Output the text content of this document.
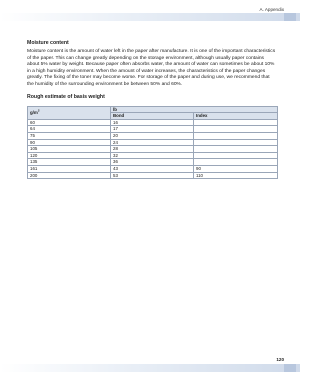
A. Appendix
Moisture content

Moisture content is the amount of water left in the paper after manufacture. It is one of the important characteristics of the paper. This can change greatly depending on the storage environment, although usually paper contains about 5% water by weight. Because paper often absorbs water, the amount of water can sometimes be about 10% in a high humidity environment. When the amount of water increases, the characteristics of the paper changes greatly. The fixing of the toner may become worse. For storage of the paper and during use, we recommend that the humidity of the surrounding environment be between 50% and 60%.

Rough estimate of basis weight
$g/m^2$	lb	
	Bond	Index
60	16	
64	17	
75	20	
90	24	
105	28	
120	32	
135	36	
161	43	90
200	53	110
120
